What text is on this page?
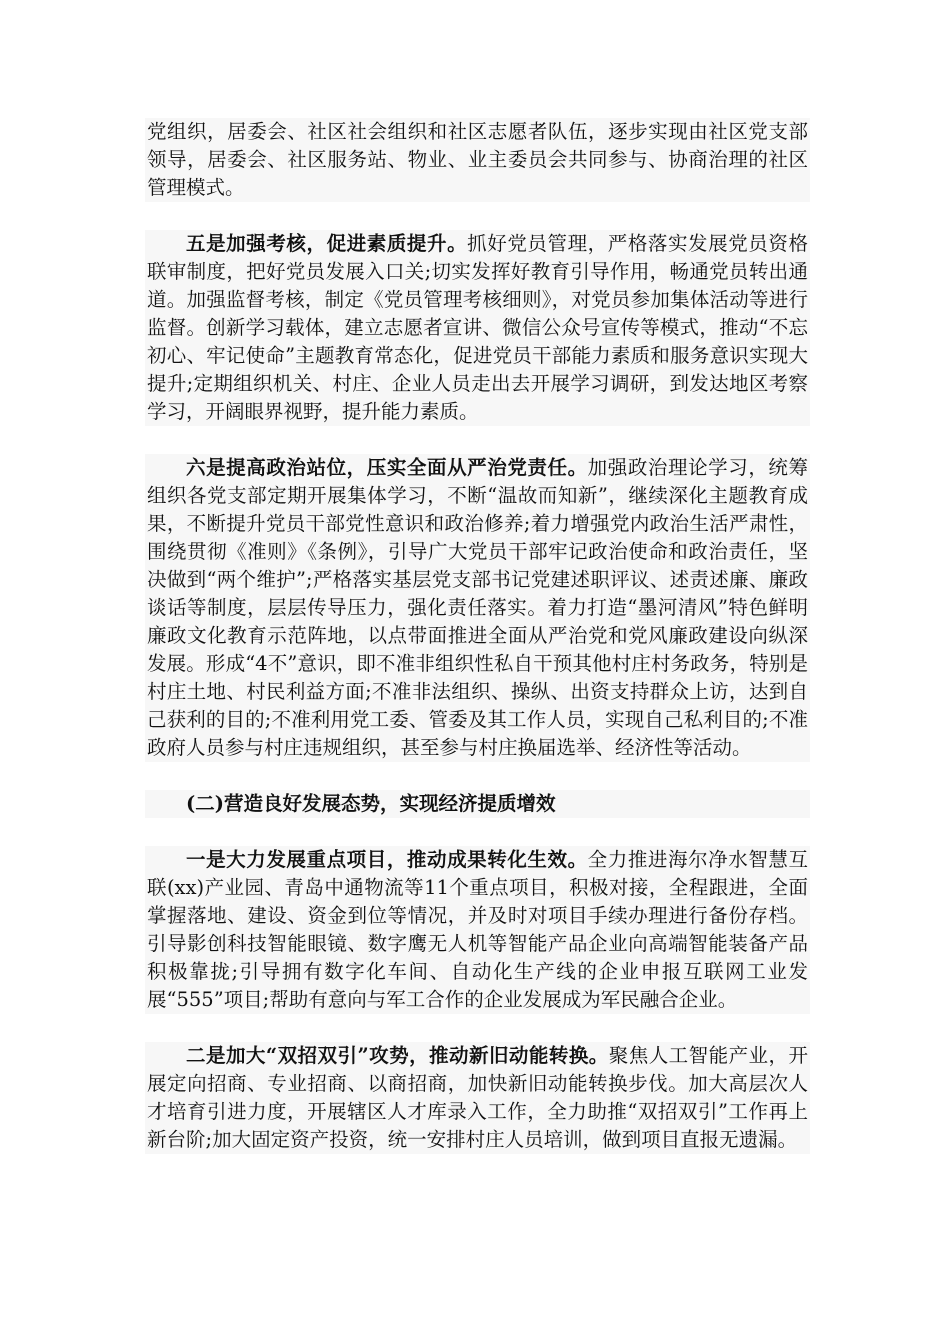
党组织，居委会、社区社会组织和社区志愿者队伍，逐步实现由社区党支部领导，居委会、社区服务站、物业、业主委员会共同参与、协商治理的社区管理模式。

五是加强考核，促进素质提升。抓好党员管理，严格落实发展党员资格联审制度，把好党员发展入口关;切实发挥好教育引导作用，畅通党员转出通道。加强监督考核，制定《党员管理考核细则》，对党员参加集体活动等进行监督。创新学习载体，建立志愿者宣讲、微信公众号宣传等模式，推动“不忘初心、牢记使命”主题教育常态化，促进党员干部能力素质和服务意识实现大提升;定期组织机关、村庄、企业人员走出去开展学习调研，到发达地区考察学习，开阔眼界视野，提升能力素质。

六是提高政治站位，压实全面从严治党责任。加强政治理论学习，统筹组织各党支部定期开展集体学习，不断“温故而知新”，继续深化主题教育成果，不断提升党员干部党性意识和政治修养;着力增强党内政治生活严肃性，围绕贯彻《准则》《条例》，引导广大党员干部牢记政治使命和政治责任，坚决做到“两个维护”;严格落实基层党支部书记党建述职评议、述责述廉、廉政谈话等制度，层层传导压力，强化责任落实。着力打造“墨河清风”特色鲜明廉政文化教育示范阵地，以点带面推进全面从严治党和党风廉政建设向纵深发展。形成“4不”意识，即不准非组织性私自干预其他村庄村务政务，特别是村庄土地、村民利益方面;不准非法组织、操纵、出资支持群众上访，达到自己获利的目的;不准利用党工委、管委及其工作人员，实现自己私利目的;不准政府人员参与村庄违规组织，甚至参与村庄换届选举、经济性等活动。

(二)营造良好发展态势，实现经济提质增效

一是大力发展重点项目，推动成果转化生效。全力推进海尔净水智慧互联(xx)产业园、青岛中通物流等11个重点项目，积极对接，全程跟进，全面掌握落地、建设、资金到位等情况，并及时对项目手续办理进行备份存档。引导影创科技智能眼镜、数字鹰无人机等智能产品企业向高端智能装备产品积极靠拢;引导拥有数字化车间、自动化生产线的企业申报互联网工业发展“555”项目;帮助有意向与军工合作的企业发展成为军民融合企业。

二是加大“双招双引”攻势，推动新旧动能转换。聚焦人工智能产业，开展定向招商、专业招商、以商招商，加快新旧动能转换步伐。加大高层次人才培育引进力度，开展辖区人才库录入工作，全力助推“双招双引”工作再上新台阶;加大固定资产投资，统一安排村庄人员培训，做到项目直报无遗漏。
